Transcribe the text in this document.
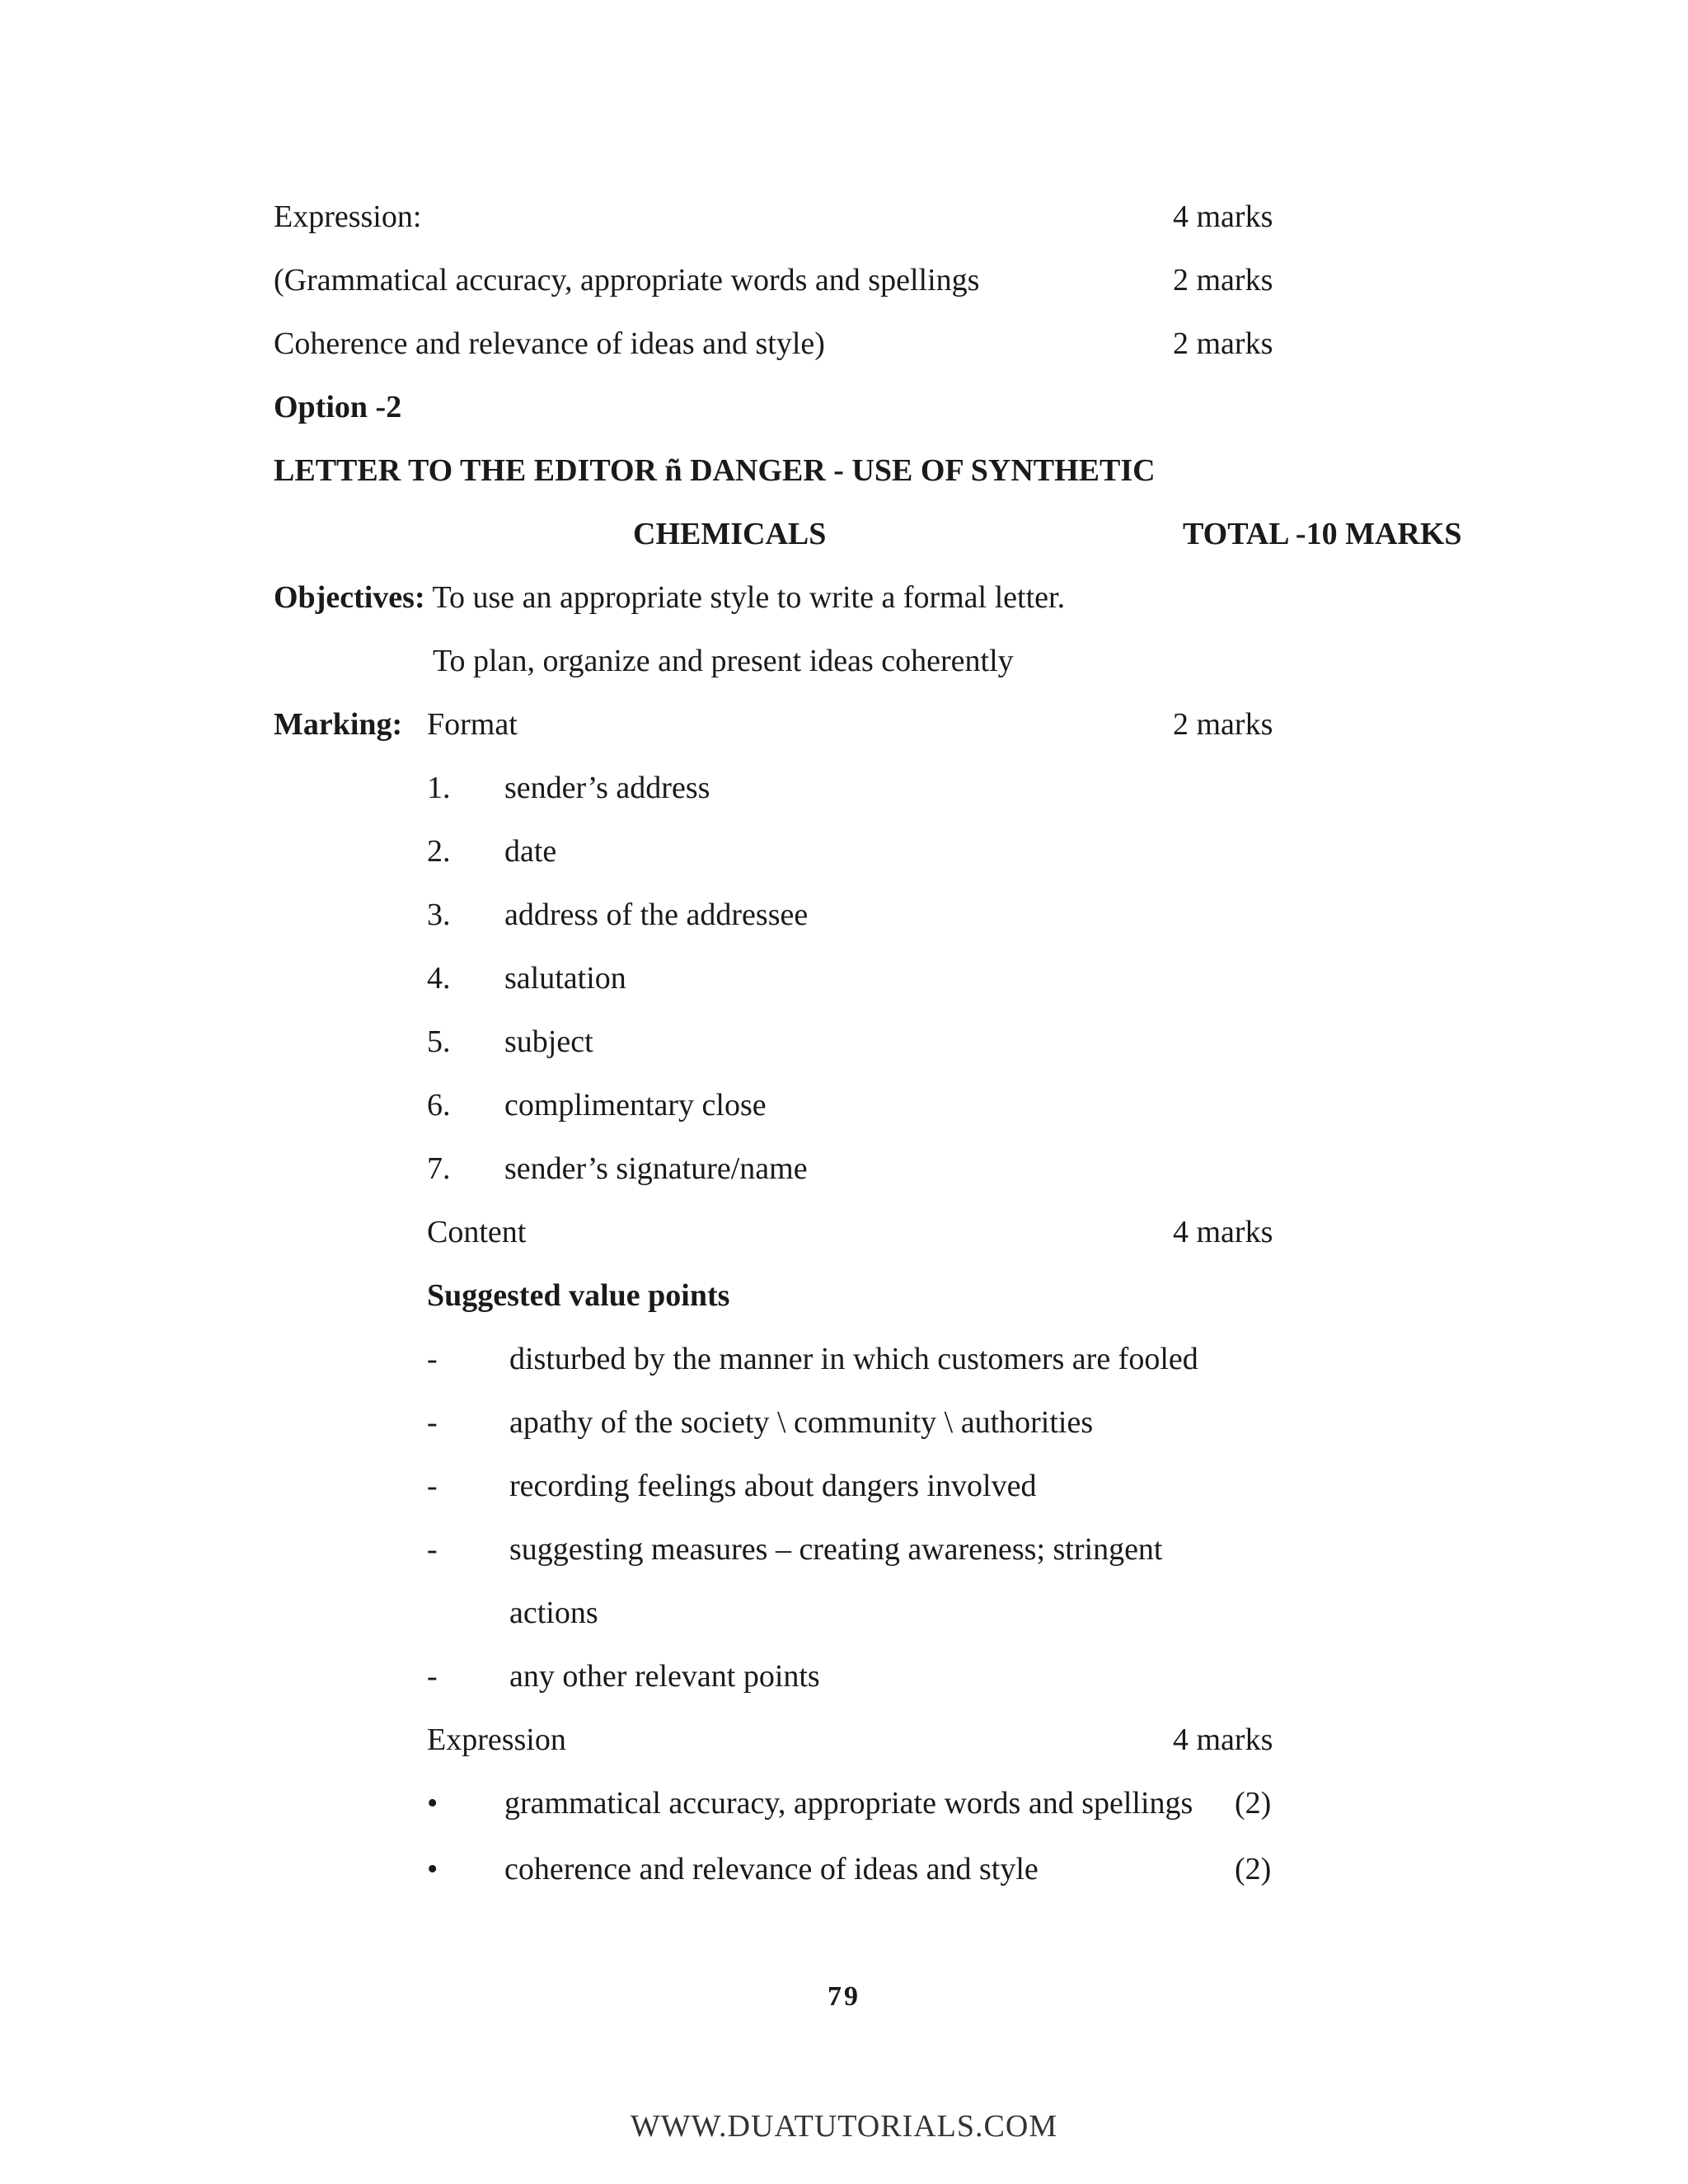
Expression:	4 marks
(Grammatical accuracy, appropriate words and spellings	2 marks
Coherence and relevance of ideas and style)	2 marks
Option -2
LETTER TO THE EDITOR ñ DANGER - USE OF SYNTHETIC
CHEMICALS	TOTAL -10 MARKS
Objectives: To use an appropriate style to write a formal letter.
To plan, organize and present ideas coherently
Marking: Format	2 marks
1. sender’s address
2. date
3. address of the addressee
4. salutation
5. subject
6. complimentary close
7. sender’s signature/name
Content	4 marks
Suggested value points
- disturbed by the manner in which customers are fooled
- apathy of the society \ community \ authorities
- recording feelings about dangers involved
- suggesting measures – creating awareness; stringent
actions
- any other relevant points
Expression	4 marks
• grammatical accuracy, appropriate words and spellings (2)
• coherence and relevance of ideas and style	(2)
79
WWW.DUATUTORIALS.COM
